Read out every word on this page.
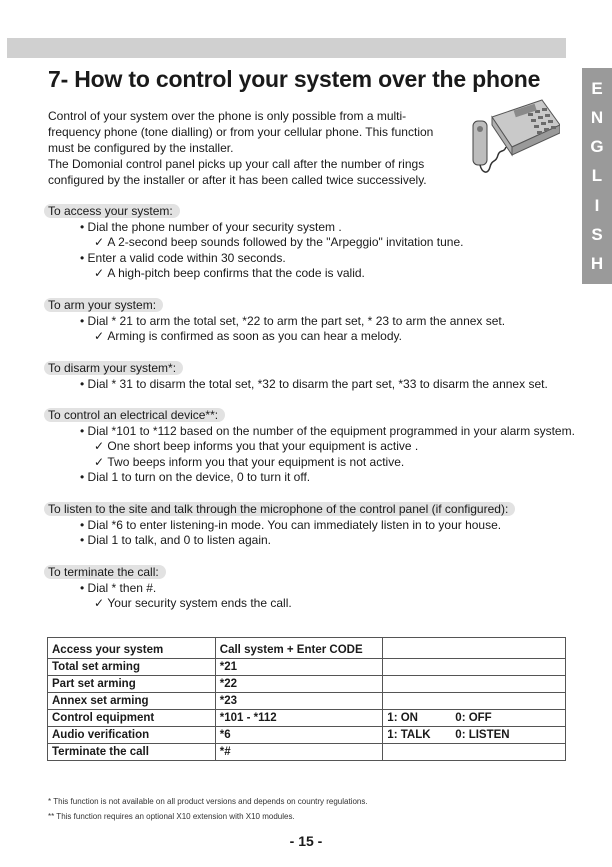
E
N
G
L
I
S
H
7- How to control your system over the phone

Control of your system over the phone is only possible from a multi-frequency phone (tone dialling) or from your cellular phone. This function must be configured by the installer.

The Domonial control panel picks up your call after the number of rings configured by the installer or after it has been called twice successively.

To access your system:
• Dial the phone number of your security system .
✓ A 2-second beep sounds followed by the "Arpeggio" invitation tune.
• Enter a valid code within 30 seconds.
✓ A high-pitch beep confirms that the code is valid.
To arm your system:
• Dial * 21 to arm the total set, *22 to arm the part set, * 23 to arm the annex set.
✓ Arming is confirmed as soon as you can hear a melody.
To disarm your system*:
• Dial * 31 to disarm the total set, *32 to disarm the part set, *33 to disarm the annex set.
To control an electrical device**:
• Dial *101 to *112 based on the number of the equipment programmed in your alarm system.
✓ One short beep informs you that your equipment is active .
✓ Two beeps inform you that your equipment is not active.
• Dial 1 to turn on the device, 0 to turn it off.
To listen to the site and talk through the microphone of the control panel (if configured):
• Dial *6 to enter listening-in mode. You can immediately listen in to your house.
• Dial 1 to talk, and 0 to listen again.
To terminate the call:
• Dial * then #.
✓ Your security system ends the call.
Access your system	Call system + Enter CODE	
Total set arming	*21	
Part set arming	*22	
Annex set arming	*23	
Control equipment	*101 - *112	1: ON 0: OFF
Audio verification	*6	1: TALK 0: LISTEN
Terminate the call	*#	
* This function is not available on all product versions and depends on country regulations.
** This function requires an optional X10 extension with X10 modules.
- 15 -
